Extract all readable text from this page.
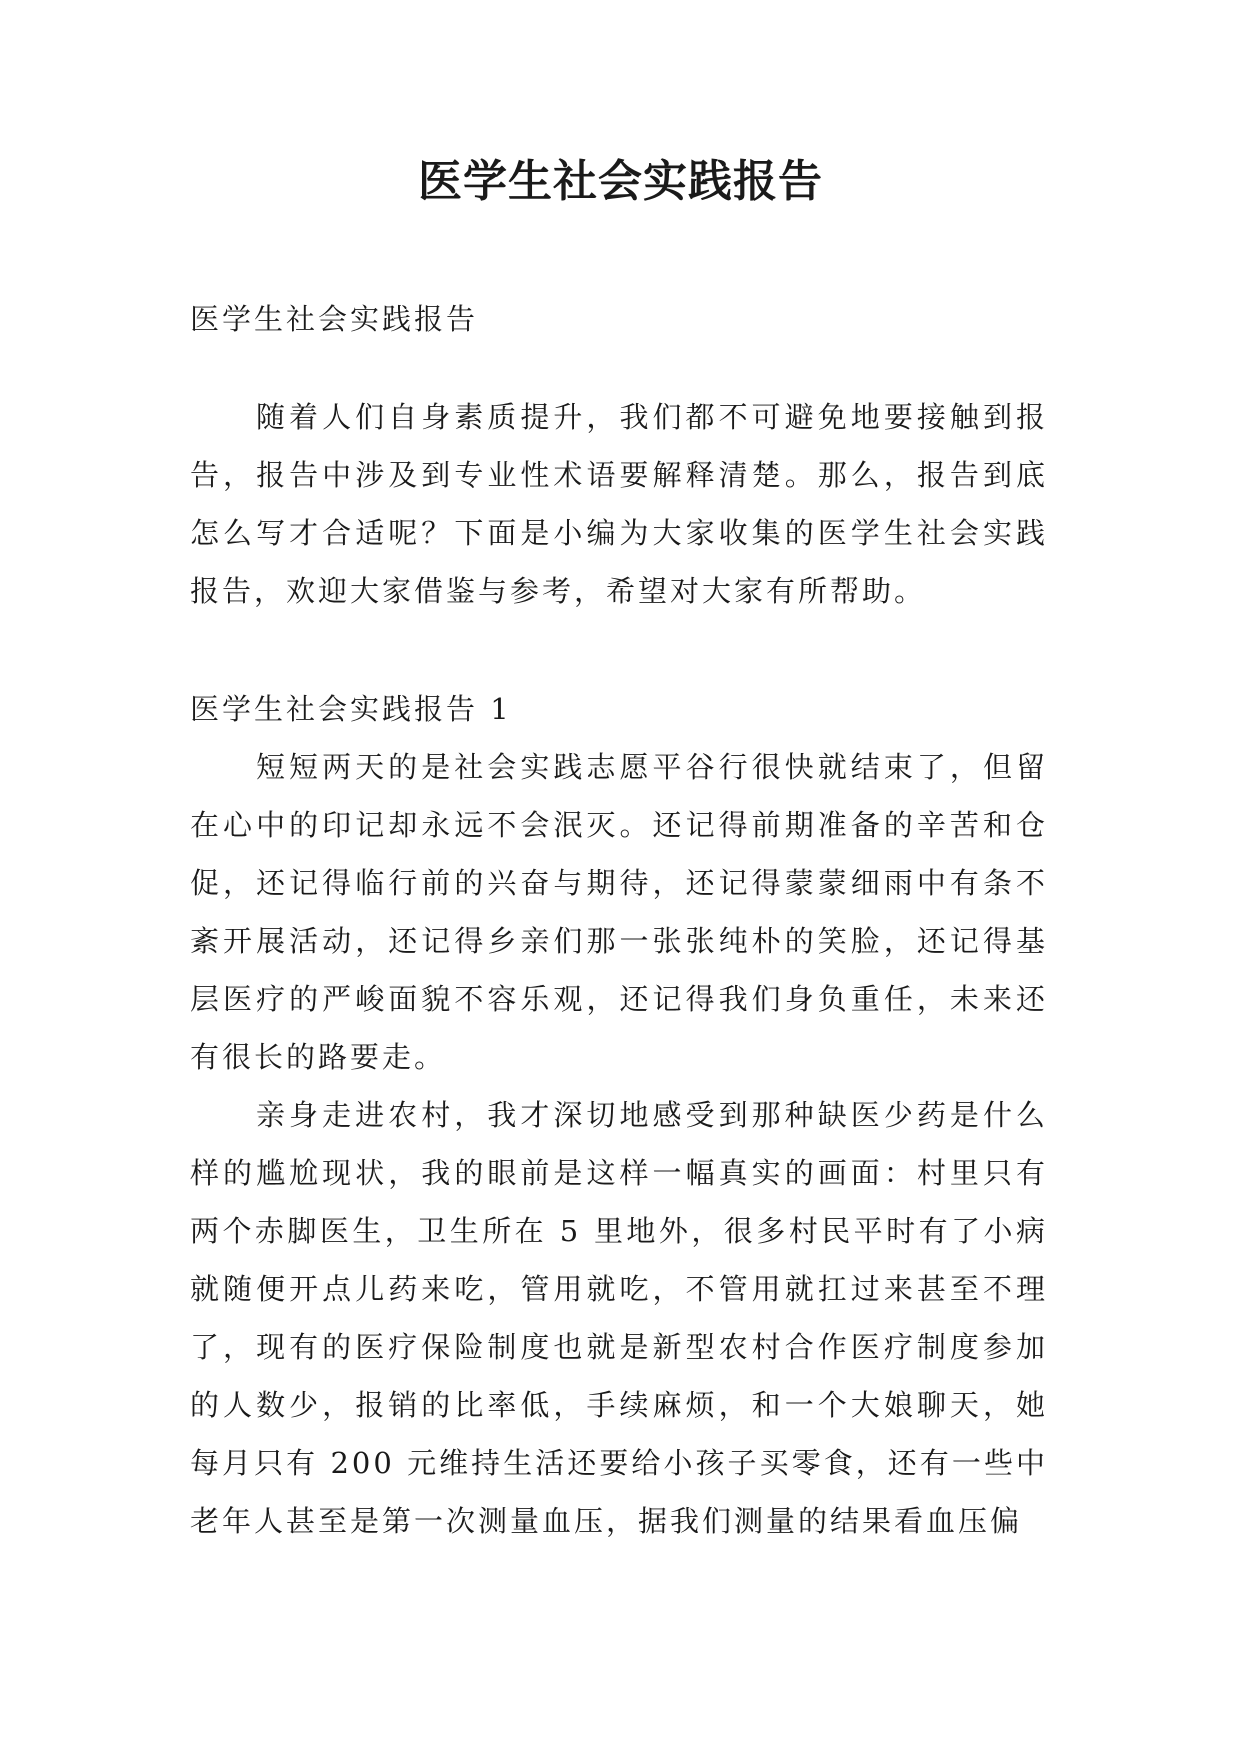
医学生社会实践报告

医学生社会实践报告

随着人们自身素质提升，我们都不可避免地要接触到报告，报告中涉及到专业性术语要解释清楚。那么，报告到底怎么写才合适呢？下面是小编为大家收集的医学生社会实践报告，欢迎大家借鉴与参考，希望对大家有所帮助。

医学生社会实践报告 1

短短两天的是社会实践志愿平谷行很快就结束了，但留在心中的印记却永远不会泯灭。还记得前期准备的辛苦和仓促，还记得临行前的兴奋与期待，还记得蒙蒙细雨中有条不紊开展活动，还记得乡亲们那一张张纯朴的笑脸，还记得基层医疗的严峻面貌不容乐观，还记得我们身负重任，未来还有很长的路要走。

亲身走进农村，我才深切地感受到那种缺医少药是什么样的尴尬现状，我的眼前是这样一幅真实的画面：村里只有两个赤脚医生，卫生所在 5 里地外，很多村民平时有了小病就随便开点儿药来吃，管用就吃，不管用就扛过来甚至不理了，现有的医疗保险制度也就是新型农村合作医疗制度参加的人数少，报销的比率低，手续麻烦，和一个大娘聊天，她每月只有 200 元维持生活还要给小孩子买零食，还有一些中老年人甚至是第一次测量血压，据我们测量的结果看血压偏
